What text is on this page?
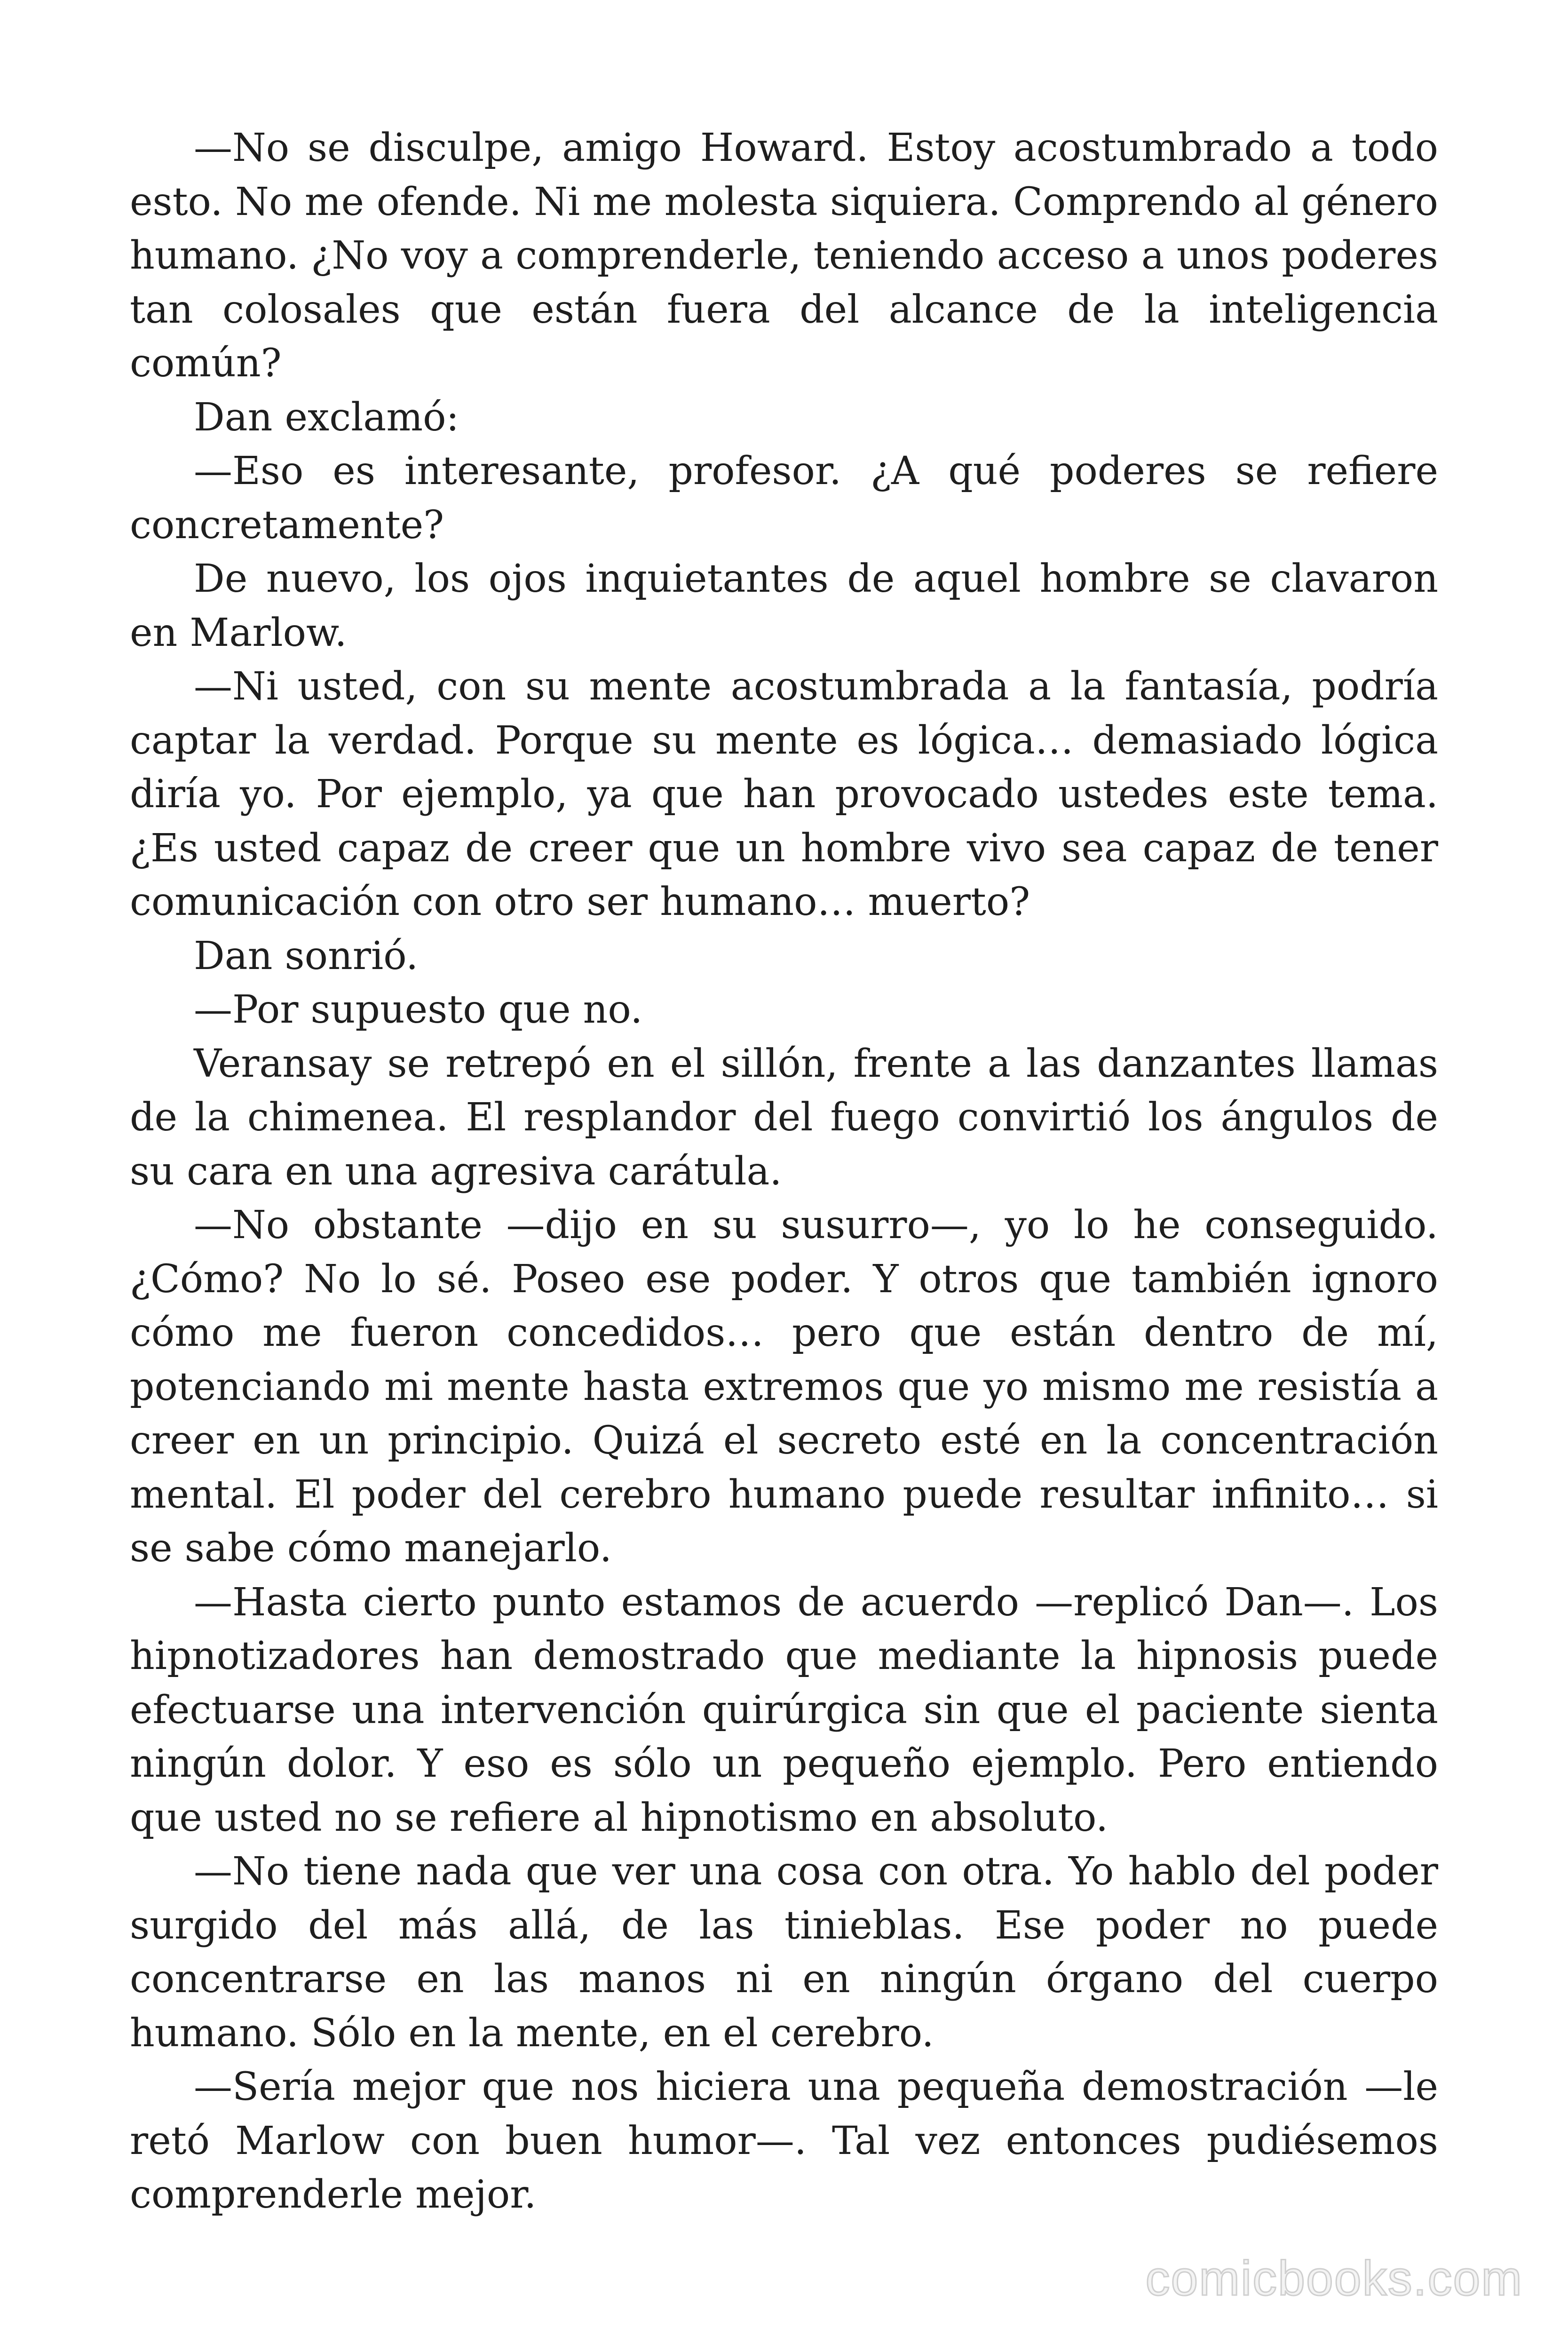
—No se disculpe, amigo Howard. Estoy acostumbrado a todo esto. No me ofende. Ni me molesta siquiera. Comprendo al género humano. ¿No voy a comprenderle, teniendo acceso a unos poderes tan colosales que están fuera del alcance de la inteligencia común?

Dan exclamó:

—Eso es interesante, profesor. ¿A qué poderes se refiere concretamente?

De nuevo, los ojos inquietantes de aquel hombre se clavaron en Marlow.

—Ni usted, con su mente acostumbrada a la fantasía, podría captar la verdad. Porque su mente es lógica… demasiado lógica diría yo. Por ejemplo, ya que han provocado ustedes este tema. ¿Es usted capaz de creer que un hombre vivo sea capaz de tener comunicación con otro ser humano… muerto?

Dan sonrió.

—Por supuesto que no.

Veransay se retrepó en el sillón, frente a las danzantes llamas de la chimenea. El resplandor del fuego convirtió los ángulos de su cara en una agresiva carátula.

—No obstante —dijo en su susurro—, yo lo he conseguido. ¿Cómo? No lo sé. Poseo ese poder. Y otros que también ignoro cómo me fueron concedidos… pero que están dentro de mí, potenciando mi mente hasta extremos que yo mismo me resistía a creer en un principio. Quizá el secreto esté en la concentración mental. El poder del cerebro humano puede resultar infinito… si se sabe cómo manejarlo.

—Hasta cierto punto estamos de acuerdo —replicó Dan—. Los hipnotizadores han demostrado que mediante la hipnosis puede efectuarse una intervención quirúrgica sin que el paciente sienta ningún dolor. Y eso es sólo un pequeño ejemplo. Pero entiendo que usted no se refiere al hipnotismo en absoluto.

—No tiene nada que ver una cosa con otra. Yo hablo del poder surgido del más allá, de las tinieblas. Ese poder no puede concentrarse en las manos ni en ningún órgano del cuerpo humano. Sólo en la mente, en el cerebro.

—Sería mejor que nos hiciera una pequeña demostración —le retó Marlow con buen humor—. Tal vez entonces pudiésemos comprenderle mejor.

comicbooks.com
